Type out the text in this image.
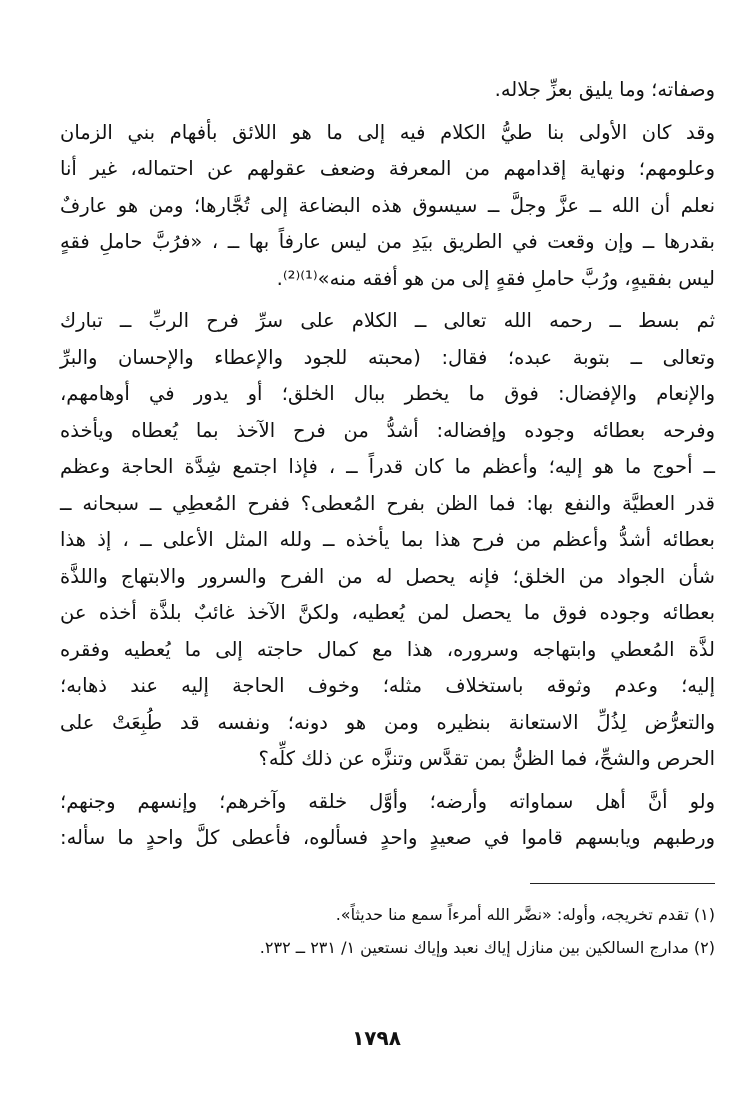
وصفاته؛ وما يليق بعزِّ جلاله.
وقد كان الأولى بنا طيُّ الكلام فيه إلى ما هو اللائق بأفهام بني الزمان
وعلومهم؛ ونهاية إقدامهم من المعرفة وضعف عقولهم عن احتماله، غير أنا
نعلم أن الله ــ عزَّ وجلَّ ــ سيسوق هذه البضاعة إلى تُجَّارها؛ ومن هو عارفٌ
بقدرها ــ وإن وقعت في الطريق بيَدِ من ليس عارفاً بها ــ ، «فرُبَّ حاملِ فقهٍ
ليس بفقيهٍ، ورُبَّ حاملِ فقهٍ إلى من هو أفقه منه»⁽¹⁾⁽²⁾.
ثم بسط ــ رحمه الله تعالى ــ الكلام على سرِّ فرح الربِّ ــ تبارك
وتعالى ــ بتوبة عبده؛ فقال: (محبته للجود والإعطاء والإحسان والبرِّ
والإنعام والإفضال: فوق ما يخطر ببال الخلق؛ أو يدور في أوهامهم،
وفرحه بعطائه وجوده وإفضاله: أشدُّ من فرح الآخذ بما يُعطاه ويأخذه
ــ أحوج ما هو إليه؛ وأعظم ما كان قدراً ــ ، فإذا اجتمع شِدَّة الحاجة وعظم
قدر العطيَّة والنفع بها: فما الظن بفرح المُعطى؟ ففرح المُعطِي ــ سبحانه ــ
بعطائه أشدُّ وأعظم من فرح هذا بما يأخذه ــ ولله المثل الأعلى ــ ، إذ هذا
شأن الجواد من الخلق؛ فإنه يحصل له من الفرح والسرور والابتهاج واللذَّة
بعطائه وجوده فوق ما يحصل لمن يُعطيه، ولكنَّ الآخذ غائبٌ بلذَّة أخذه عن
لذَّة المُعطي وابتهاجه وسروره، هذا مع كمال حاجته إلى ما يُعطيه وفقره
إليه؛ وعدم وثوقه باستخلاف مثله؛ وخوف الحاجة إليه عند ذهابه؛
والتعرُّض لِذُلِّ الاستعانة بنظيره ومن هو دونه؛ ونفسه قد طُبِعَتْ على
الحرص والشحِّ، فما الظنُّ بمن تقدَّس وتنزَّه عن ذلك كلِّه؟
ولو أنَّ أهل سماواته وأرضه؛ وأوَّل خلقه وآخرهم؛ وإنسهم وجنهم؛
ورطبهم ويابسهم قاموا في صعيدٍ واحدٍ فسألوه، فأعطى كلَّ واحدٍ ما سأله:
(١) تقدم تخريجه، وأوله: «نضَّر الله أمرءاً سمع منا حديثاً».
(٢) مدارج السالكين بين منازل إياك نعبد وإياك نستعين ١/ ٢٣١ ــ ٢٣٢.
١٧٩٨
